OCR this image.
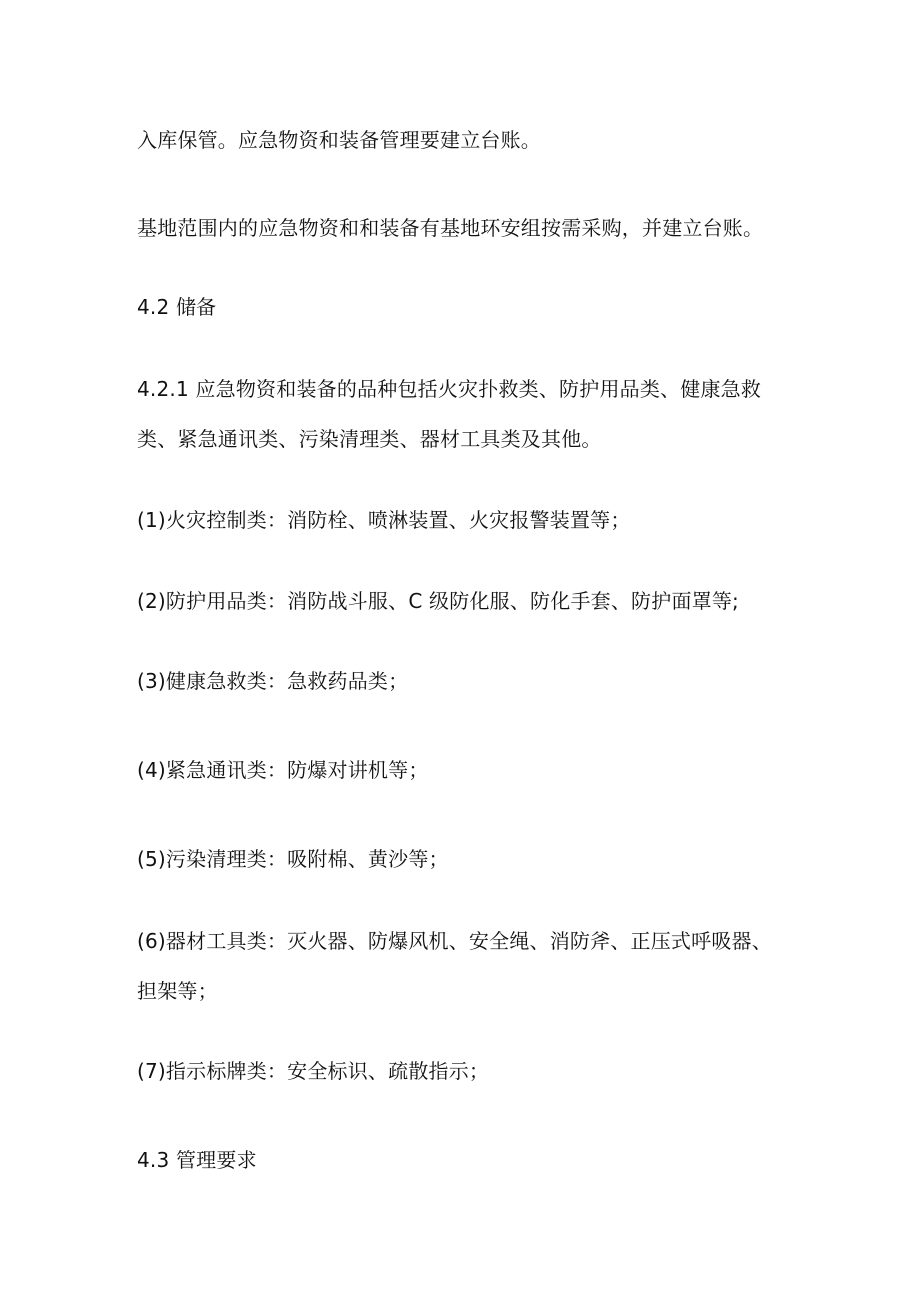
入库保管。应急物资和装备管理要建立台账。
基地范围内的应急物资和和装备有基地环安组按需采购，并建立台账。
4.2 储备
4.2.1 应急物资和装备的品种包括火灾扑救类、防护用品类、健康急救
类、紧急通讯类、污染清理类、器材工具类及其他。
(1)火灾控制类：消防栓、喷淋装置、火灾报警装置等；
(2)防护用品类：消防战斗服、C 级防化服、防化手套、防护面罩等;
(3)健康急救类：急救药品类；
(4)紧急通讯类：防爆对讲机等；
(5)污染清理类：吸附棉、黄沙等；
(6)器材工具类：灭火器、防爆风机、安全绳、消防斧、正压式呼吸器、
担架等；
(7)指示标牌类：安全标识、疏散指示；
4.3 管理要求
